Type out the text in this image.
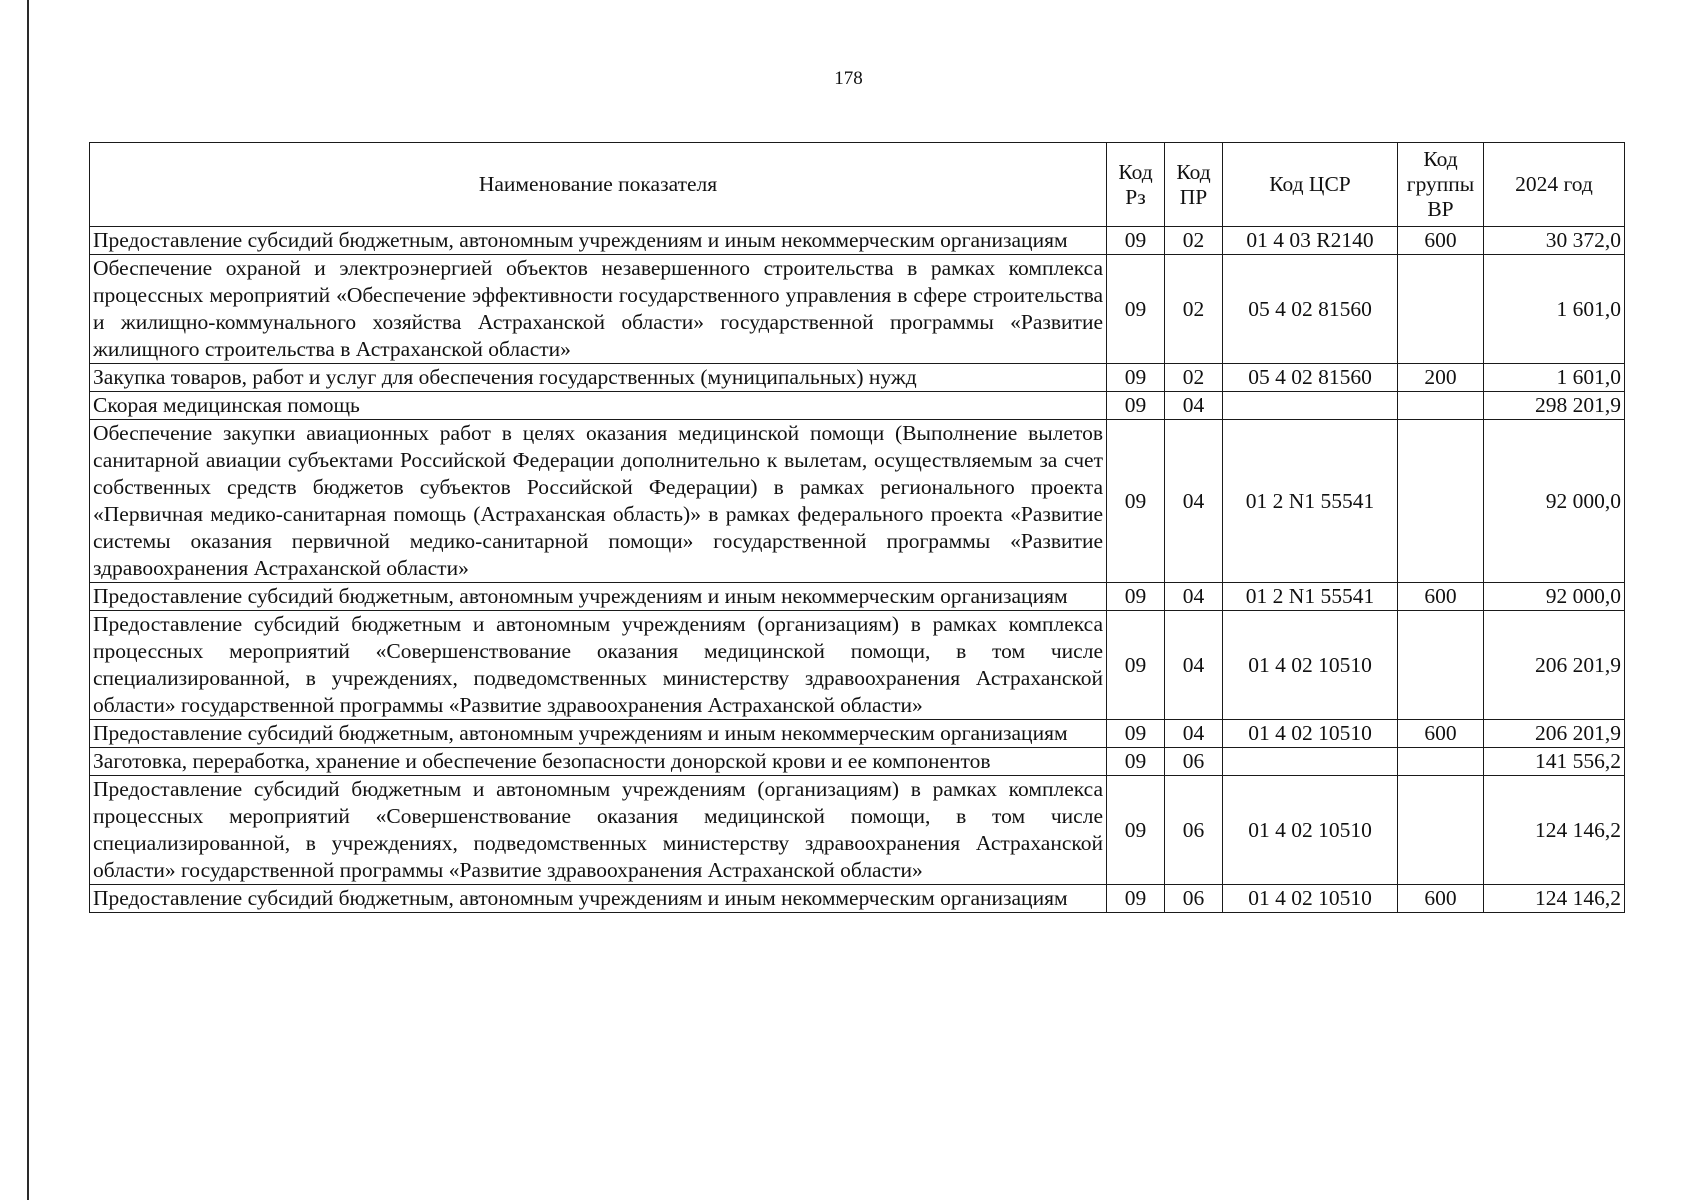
178
Наименование показателя	Код Рз	Код ПР	Код ЦСР	Код группы ВР	2024 год
Предоставление субсидий бюджетным, автономным учреждениям и иным некоммерческим организациям	09	02	01 4 03 R2140	600	30 372,0
Обеспечение охраной и электроэнергией объектов незавершенного строительства в рамках комплекса процессных мероприятий «Обеспечение эффективности государственного управления в сфере строительства и жилищно-коммунального хозяйства Астраханской области» государственной программы «Развитие жилищного строительства в Астраханской области»	09	02	05 4 02 81560		1 601,0
Закупка товаров, работ и услуг для обеспечения государственных (муниципальных) нужд	09	02	05 4 02 81560	200	1 601,0
Скорая медицинская помощь	09	04			298 201,9
Обеспечение закупки авиационных работ в целях оказания медицинской помощи (Выполнение вылетов санитарной авиации субъектами Российской Федерации дополнительно к вылетам, осуществляемым за счет собственных средств бюджетов субъектов Российской Федерации) в рамках регионального проекта «Первичная медико-санитарная помощь (Астраханская область)» в рамках федерального проекта «Развитие системы оказания первичной медико-санитарной помощи» государственной программы «Развитие здравоохранения Астраханской области»	09	04	01 2 N1 55541		92 000,0
Предоставление субсидий бюджетным, автономным учреждениям и иным некоммерческим организациям	09	04	01 2 N1 55541	600	92 000,0
Предоставление субсидий бюджетным и автономным учреждениям (организациям) в рамках комплекса процессных мероприятий «Совершенствование оказания медицинской помощи, в том числе специализированной, в учреждениях, подведомственных министерству здравоохранения Астраханской области» государственной программы «Развитие здравоохранения Астраханской области»	09	04	01 4 02 10510		206 201,9
Предоставление субсидий бюджетным, автономным учреждениям и иным некоммерческим организациям	09	04	01 4 02 10510	600	206 201,9
Заготовка, переработка, хранение и обеспечение безопасности донорской крови и ее компонентов	09	06			141 556,2
Предоставление субсидий бюджетным и автономным учреждениям (организациям) в рамках комплекса процессных мероприятий «Совершенствование оказания медицинской помощи, в том числе специализированной, в учреждениях, подведомственных министерству здравоохранения Астраханской области» государственной программы «Развитие здравоохранения Астраханской области»	09	06	01 4 02 10510		124 146,2
Предоставление субсидий бюджетным, автономным учреждениям и иным некоммерческим организациям	09	06	01 4 02 10510	600	124 146,2
